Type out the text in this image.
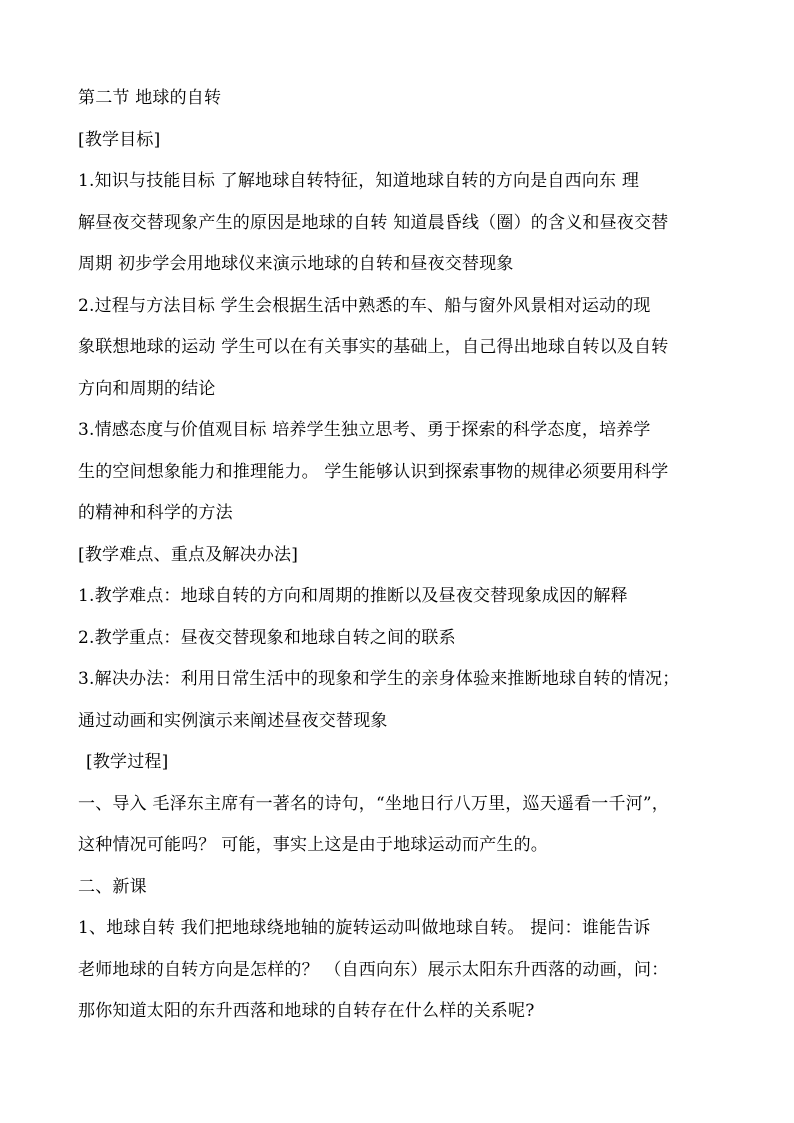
第二节 地球的自转
[教学目标]
1.知识与技能目标 了解地球自转特征，知道地球自转的方向是自西向东 理
解昼夜交替现象产生的原因是地球的自转 知道晨昏线（圈）的含义和昼夜交替
周期 初步学会用地球仪来演示地球的自转和昼夜交替现象
2.过程与方法目标 学生会根据生活中熟悉的车、船与窗外风景相对运动的现
象联想地球的运动 学生可以在有关事实的基础上，自己得出地球自转以及自转
方向和周期的结论
3.情感态度与价值观目标 培养学生独立思考、勇于探索的科学态度，培养学
生的空间想象能力和推理能力。 学生能够认识到探索事物的规律必须要用科学
的精神和科学的方法
[教学难点、重点及解决办法]
1.教学难点：地球自转的方向和周期的推断以及昼夜交替现象成因的解释
2.教学重点：昼夜交替现象和地球自转之间的联系
3.解决办法：利用日常生活中的现象和学生的亲身体验来推断地球自转的情况；
通过动画和实例演示来阐述昼夜交替现象
[教学过程]
一、导入 毛泽东主席有一著名的诗句，“坐地日行八万里，巡天遥看一千河”，
这种情况可能吗？ 可能，事实上这是由于地球运动而产生的。
二、新课
1、地球自转 我们把地球绕地轴的旋转运动叫做地球自转。 提问：谁能告诉
老师地球的自转方向是怎样的？ （自西向东）展示太阳东升西落的动画，问：
那你知道太阳的东升西落和地球的自转存在什么样的关系呢?
